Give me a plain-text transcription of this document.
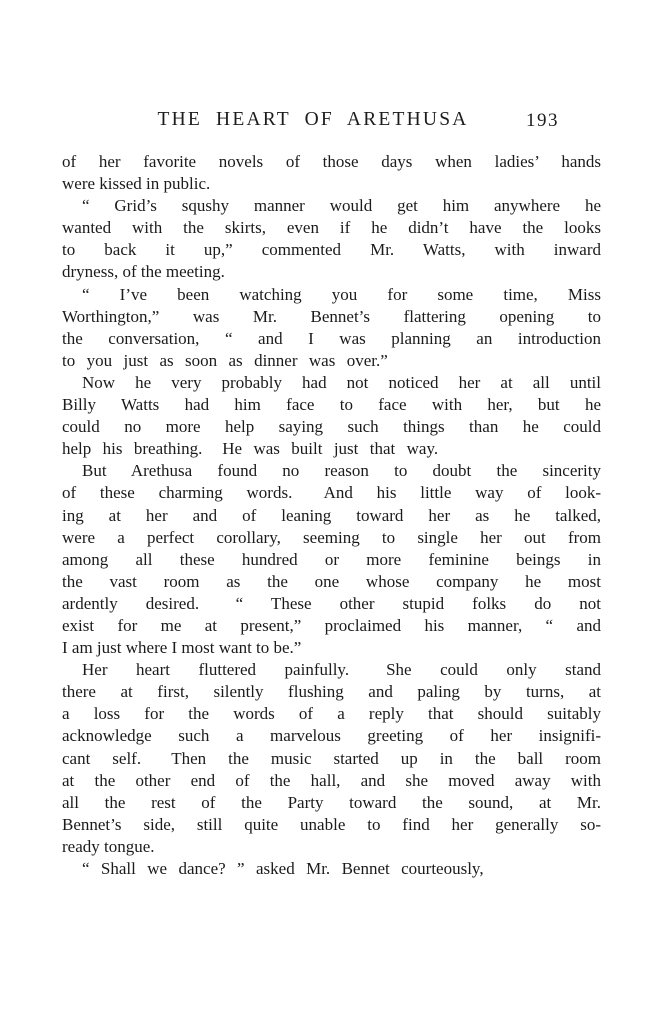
THE HEART OF ARETHUSA	193
of her favorite novels of those days when ladies’ hands
were kissed in public.
“ Grid’s squshy manner would get him anywhere he
wanted with the skirts, even if he didn’t have the looks
to back it up,” commented Mr. Watts, with inward
dryness, of the meeting.
“ I’ve been watching you for some time, Miss
Worthington,” was Mr. Bennet’s flattering opening to
the conversation, “ and I was planning an introduction
to you just as soon as dinner was over.”
Now he very probably had not noticed her at all until
Billy Watts had him face to face with her, but he
could no more help saying such things than he could
help his breathing.  He was built just that way.
But Arethusa found no reason to doubt the sincerity
of these charming words.  And his little way of look-
ing at her and of leaning toward her as he talked,
were a perfect corollary, seeming to single her out from
among all these hundred or more feminine beings in
the vast room as the one whose company he most
ardently desired.  “ These other stupid folks do not
exist for me at present,” proclaimed his manner, “ and
I am just where I most want to be.”
Her heart fluttered painfully.  She could only stand
there at first, silently flushing and paling by turns, at
a loss for the words of a reply that should suitably
acknowledge such a marvelous greeting of her insignifi-
cant self.  Then the music started up in the ball room
at the other end of the hall, and she moved away with
all the rest of the Party toward the sound, at Mr.
Bennet’s side, still quite unable to find her generally so-
ready tongue.
“ Shall we dance? ” asked Mr. Bennet courteously,
